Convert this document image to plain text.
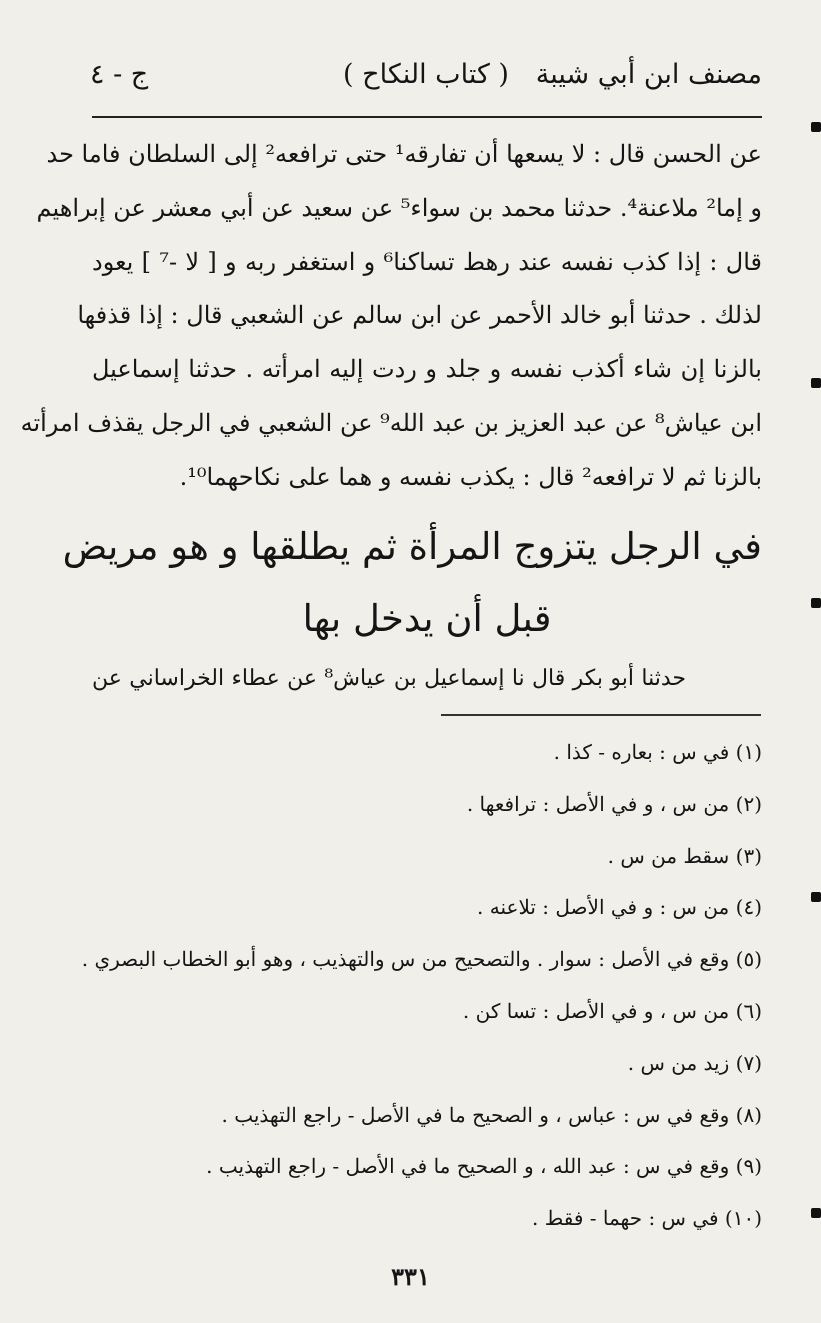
مصنف ابن أبي شيبة
( كتاب النكاح )
ج - ٤
عن الحسن قال : لا يسعها أن تفارقه¹ حتى ترافعه² إلى السلطان فاما حد
و إما² ملاعنة⁴. حدثنا محمد بن سواء⁵ عن سعيد عن أبي معشر عن إبراهيم
قال : إذا كذب نفسه عند رهط تساكنا⁶ و استغفر ربه و [ لا -⁷ ] يعود
لذلك . حدثنا أبو خالد الأحمر عن ابن سالم عن الشعبي قال : إذا قذفها
بالزنا إن شاء أكذب نفسه و جلد و ردت إليه امرأته . حدثنا إسماعيل
ابن عياش⁸ عن عبد العزيز بن عبد الله⁹ عن الشعبي في الرجل يقذف امرأته
بالزنا ثم لا ترافعه² قال : يكذب نفسه و هما على نكاحهما¹⁰.
في الرجل يتزوج المرأة ثم يطلقها و هو مريض
قبل أن يدخل بها
حدثنا أبو بكر قال نا إسماعيل بن عياش⁸ عن عطاء الخراساني عن
(١) في س : بعاره - كذا .
(٢) من س ، و في الأصل : ترافعها .
(٣) سقط من س .
(٤) من س : و في الأصل : تلاعنه .
(٥) وقع في الأصل : سوار . والتصحيح من س والتهذيب ، وهو أبو الخطاب البصري .
(٦) من س ، و في الأصل : تسا كن .
(٧) زيد من س .
(٨) وقع في س : عباس ، و الصحيح ما في الأصل - راجع التهذيب .
(٩) وقع في س : عبد الله ، و الصحيح ما في الأصل - راجع التهذيب .
(١٠) في س : حهما - فقط .
٣٣١
